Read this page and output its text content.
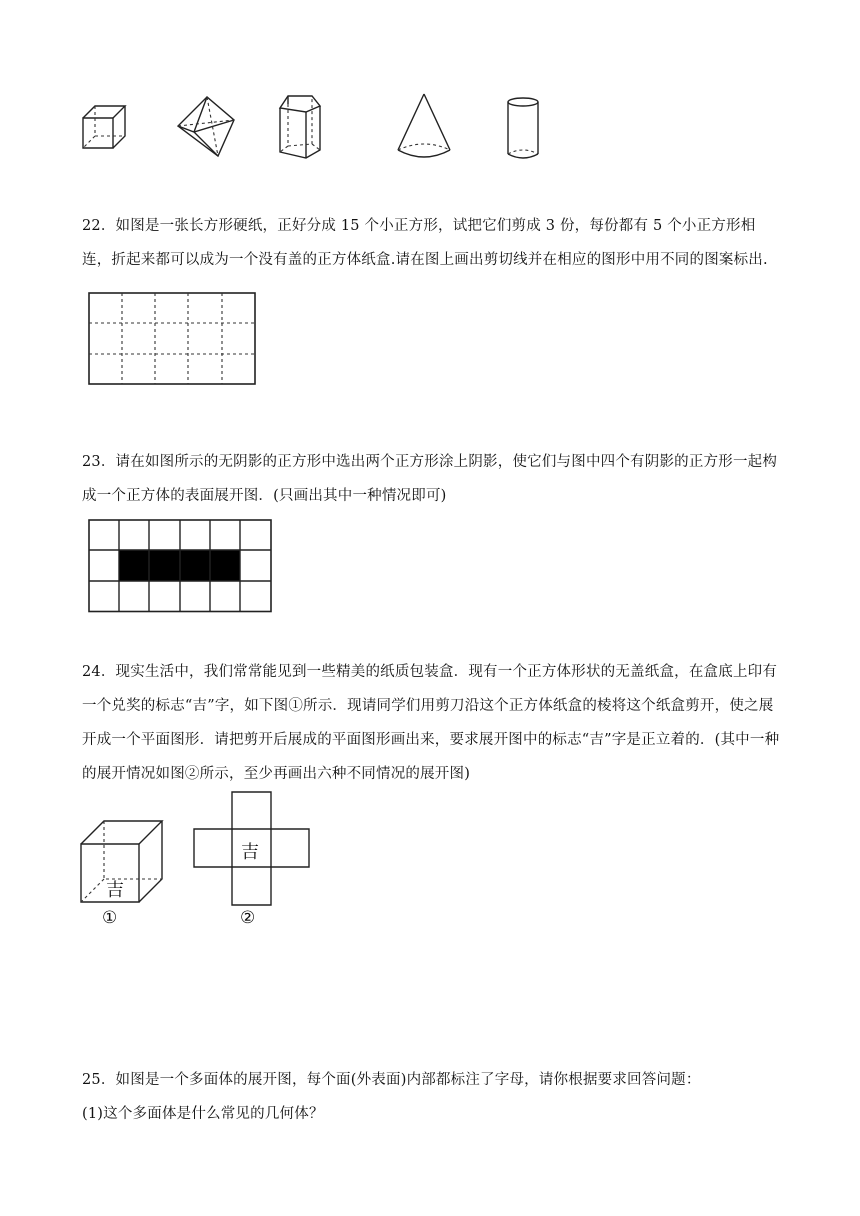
22．如图是一张长方形硬纸，正好分成 15 个小正方形，试把它们剪成 3 份，每份都有 5 个小正方形相连，折起来都可以成为一个没有盖的正方体纸盒.请在图上画出剪切线并在相应的图形中用不同的图案标出.
23．请在如图所示的无阴影的正方形中选出两个正方形涂上阴影，使它们与图中四个有阴影的正方形一起构成一个正方体的表面展开图．(只画出其中一种情况即可)
24．现实生活中，我们常常能见到一些精美的纸质包装盒．现有一个正方体形状的无盖纸盒，在盒底上印有一个兑奖的标志“吉”字，如下图①所示．现请同学们用剪刀沿这个正方体纸盒的棱将这个纸盒剪开，使之展开成一个平面图形．请把剪开后展成的平面图形画出来，要求展开图中的标志“吉”字是正立着的．(其中一种的展开情况如图②所示，至少再画出六种不同情况的展开图)
吉
①
吉
②
25．如图是一个多面体的展开图，每个面(外表面)内部都标注了字母，请你根据要求回答问题：
(1)这个多面体是什么常见的几何体？
